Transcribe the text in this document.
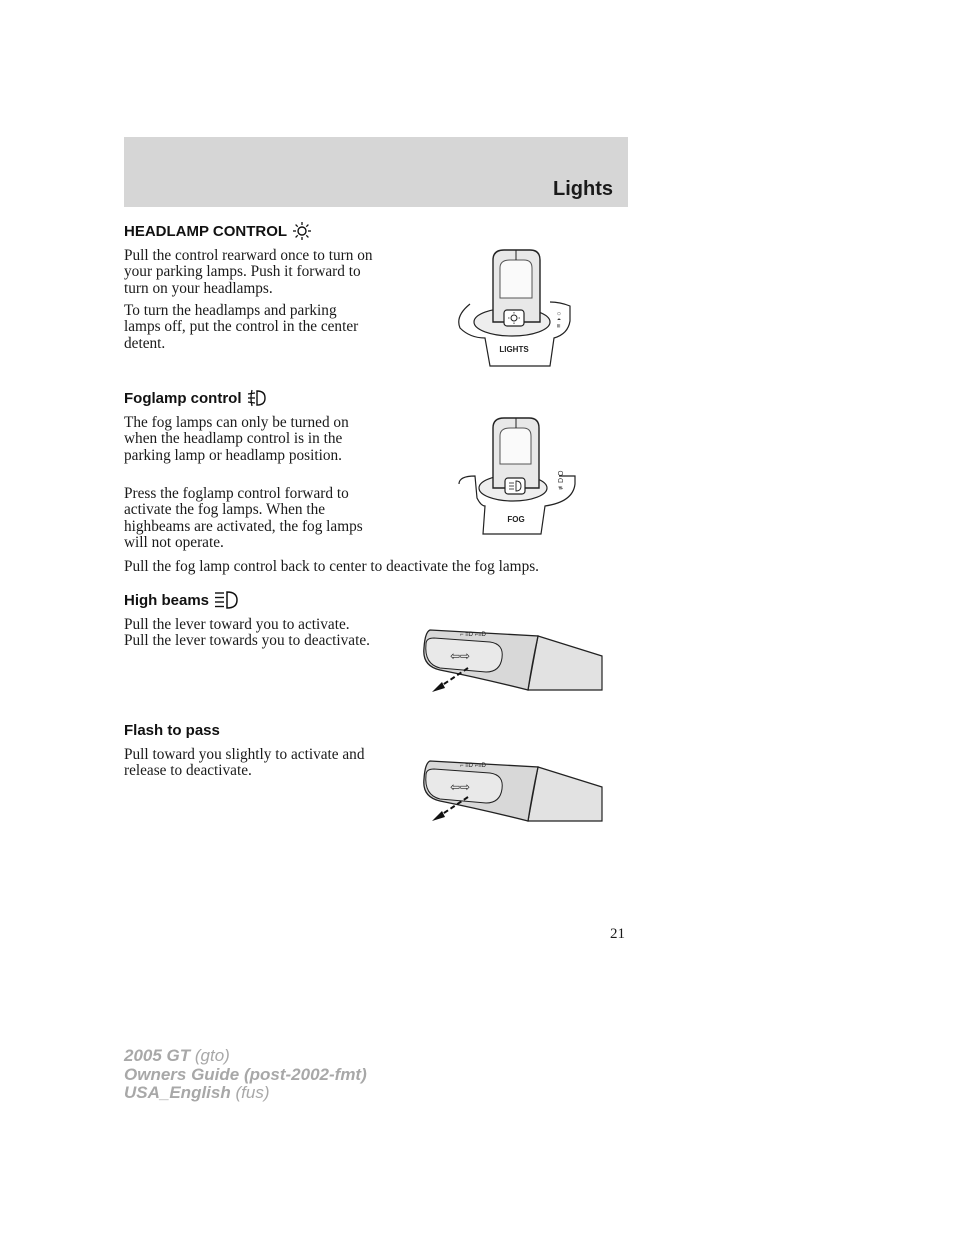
Lights
HEADLAMP CONTROL

Pull the control rearward once to turn on your parking lamps. Push it forward to turn on your headlamps.

To turn the headlamps and parking lamps off, put the control in the center detent.

≡ ◑ ○
LIGHTS
Foglamp control

The fog lamps can only be turned on when the headlamp control is in the parking lamp or headlamp position.

Press the foglamp control forward to activate the fog lamps. When the highbeams are activated, the fog lamps will not operate.

Pull the fog lamp control back to center to deactivate the fog lamps.

≢D O
FOG
High beams

Pull the lever toward you to activate. Pull the lever towards you to deactivate.	⌐ ≡D ⌐≡D
⇦⇨
Flash to pass

Pull toward you slightly to activate and release to deactivate.	⌐ ≡D ⌐≡D
⇦⇨
21
2005 GT (gto)
Owners Guide (post-2002-fmt)
USA_English (fus)
